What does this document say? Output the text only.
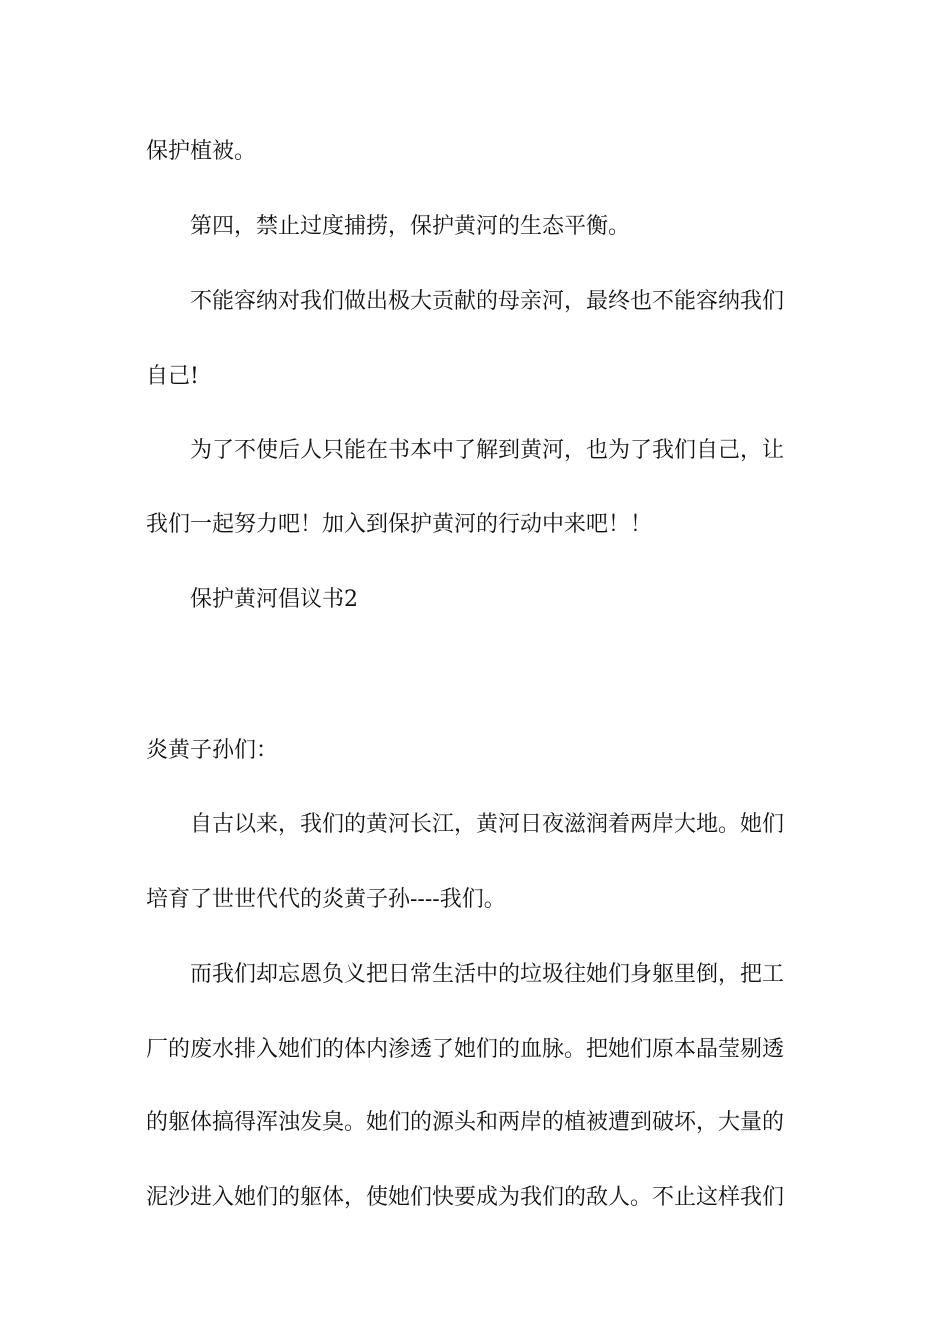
保护植被。
第四，禁止过度捕捞，保护黄河的生态平衡。
不能容纳对我们做出极大贡献的母亲河，最终也不能容纳我们
自己!
为了不使后人只能在书本中了解到黄河，也为了我们自己，让
我们一起努力吧！加入到保护黄河的行动中来吧！！
保护黄河倡议书2
炎黄子孙们：
自古以来，我们的黄河长江，黄河日夜滋润着两岸大地。她们
培育了世世代代的炎黄子孙----我们。
而我们却忘恩负义把日常生活中的垃圾往她们身躯里倒，把工
厂的废水排入她们的体内渗透了她们的血脉。把她们原本晶莹剔透
的躯体搞得浑浊发臭。她们的源头和两岸的植被遭到破坏，大量的
泥沙进入她们的躯体，使她们快要成为我们的敌人。不止这样我们
